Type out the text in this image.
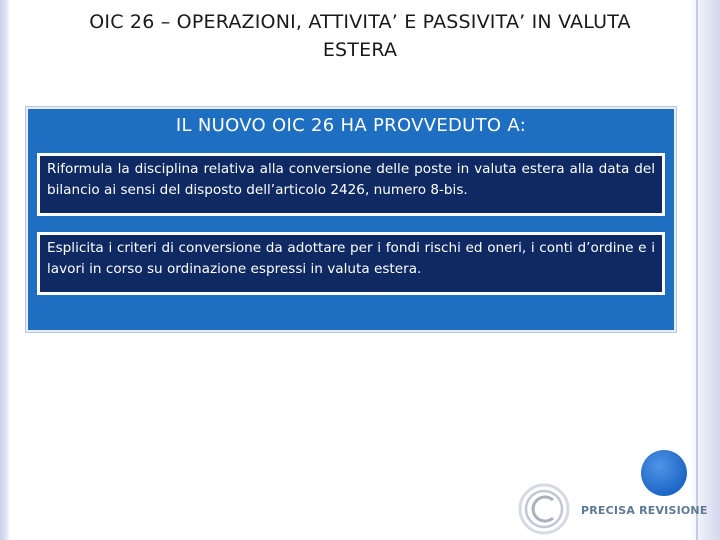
OIC 26 – OPERAZIONI, ATTIVITA’ E PASSIVITA’ IN VALUTA
ESTERA
IL NUOVO OIC 26 HA PROVVEDUTO A:
Riformula la disciplina relativa alla conversione delle poste in valuta estera alla data del bilancio ai sensi del disposto dell’articolo 2426, numero 8-bis.
Esplicita i criteri di conversione da adottare per i fondi rischi ed oneri, i conti d’ordine e i lavori in corso su ordinazione espressi in valuta estera.
PRECISA REVISIONE
